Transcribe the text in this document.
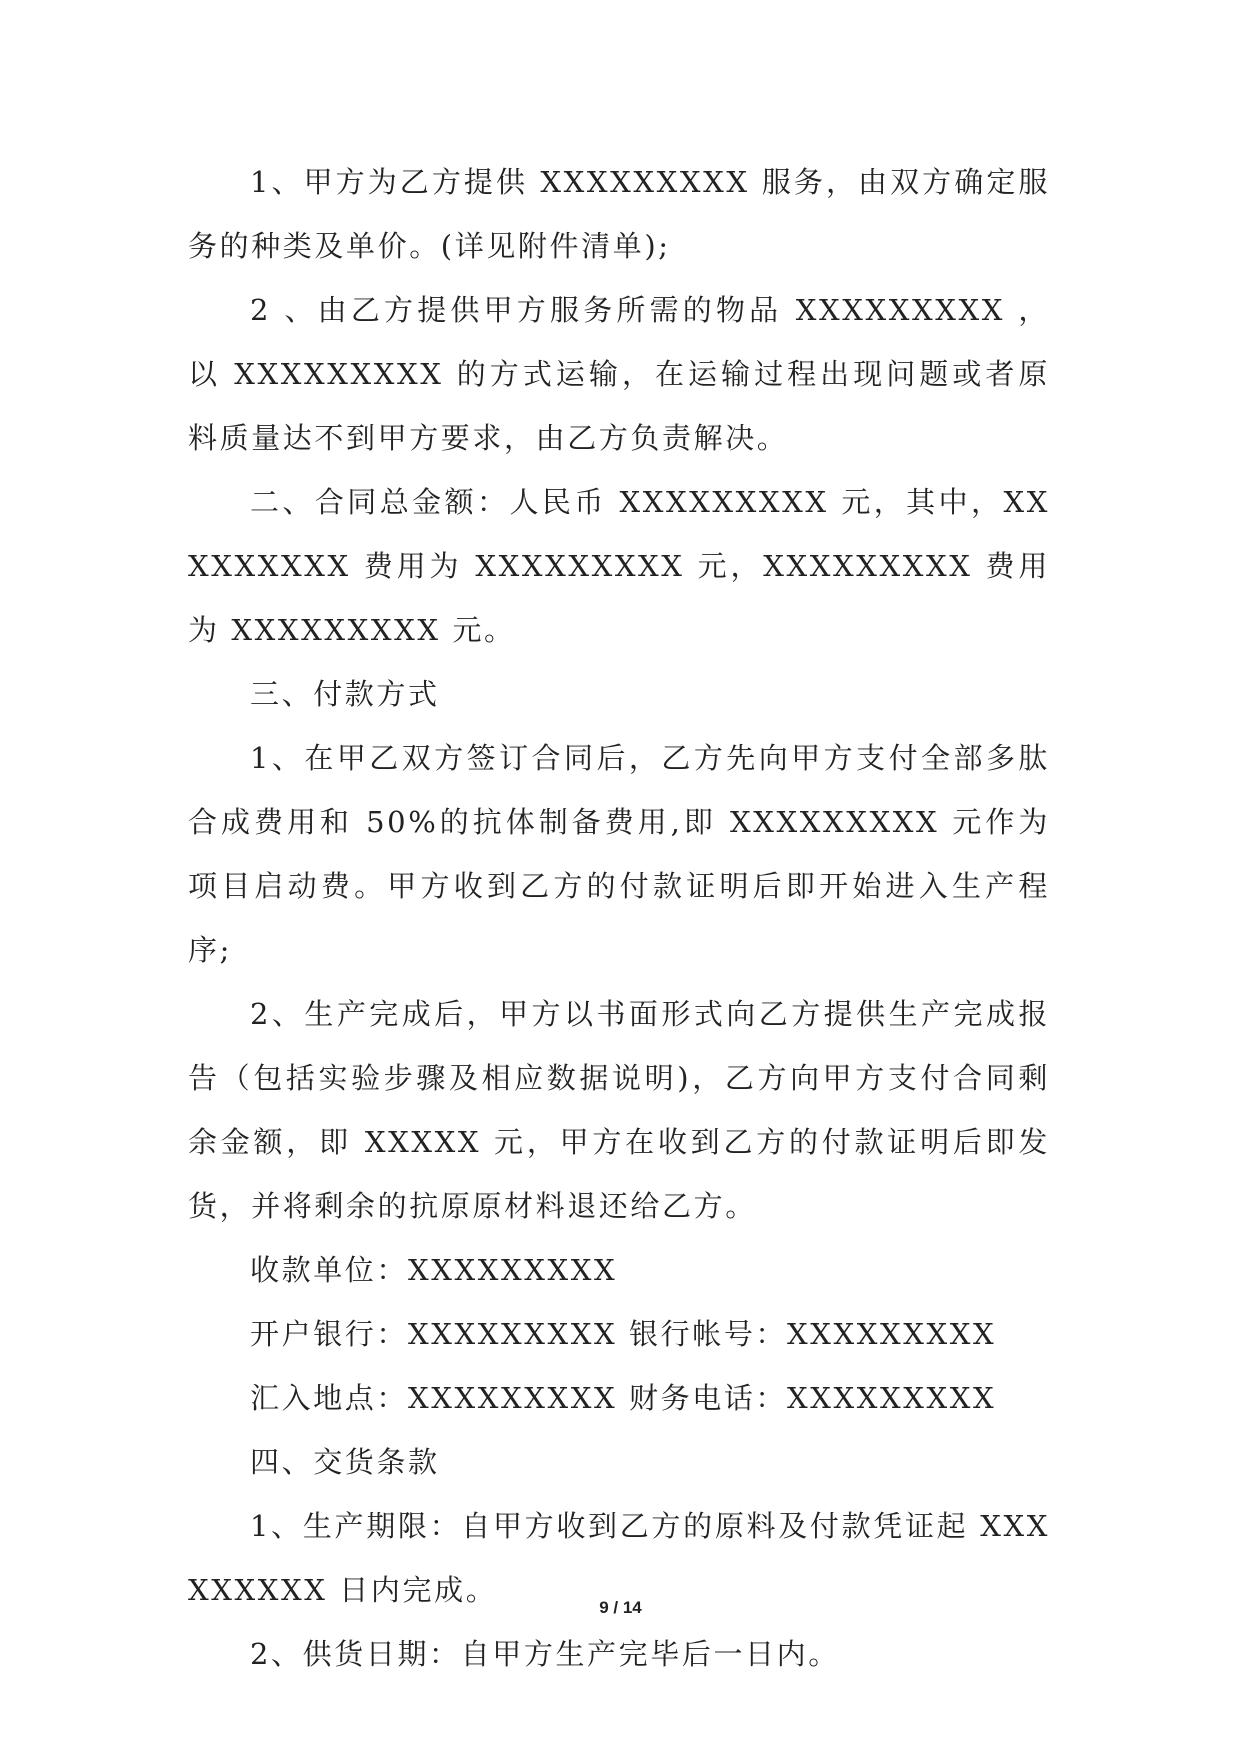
1、甲方为乙方提供 XXXXXXXXX 服务，由双方确定服务的种类及单价。(详见附件清单);

2 、由乙方提供甲方服务所需的物品 XXXXXXXXX ，以 XXXXXXXXX 的方式运输，在运输过程出现问题或者原料质量达不到甲方要求，由乙方负责解决。

二、合同总金额：人民币 XXXXXXXXX 元，其中，XXXXXXXXX 费用为 XXXXXXXXX 元，XXXXXXXXX 费用为 XXXXXXXXX 元。

三、付款方式

1、在甲乙双方签订合同后，乙方先向甲方支付全部多肽合成费用和 50%的抗体制备费用,即 XXXXXXXXX 元作为项目启动费。甲方收到乙方的付款证明后即开始进入生产程序;

2、生产完成后，甲方以书面形式向乙方提供生产完成报告（包括实验步骤及相应数据说明)，乙方向甲方支付合同剩余金额，即 XXXXX 元，甲方在收到乙方的付款证明后即发货，并将剩余的抗原原材料退还给乙方。

收款单位：XXXXXXXXX

开户银行：XXXXXXXXX 银行帐号：XXXXXXXXX

汇入地点：XXXXXXXXX 财务电话：XXXXXXXXX

四、交货条款

1、生产期限：自甲方收到乙方的原料及付款凭证起 XXXXXXXXX 日内完成。

2、供货日期：自甲方生产完毕后一日内。

9 / 14
